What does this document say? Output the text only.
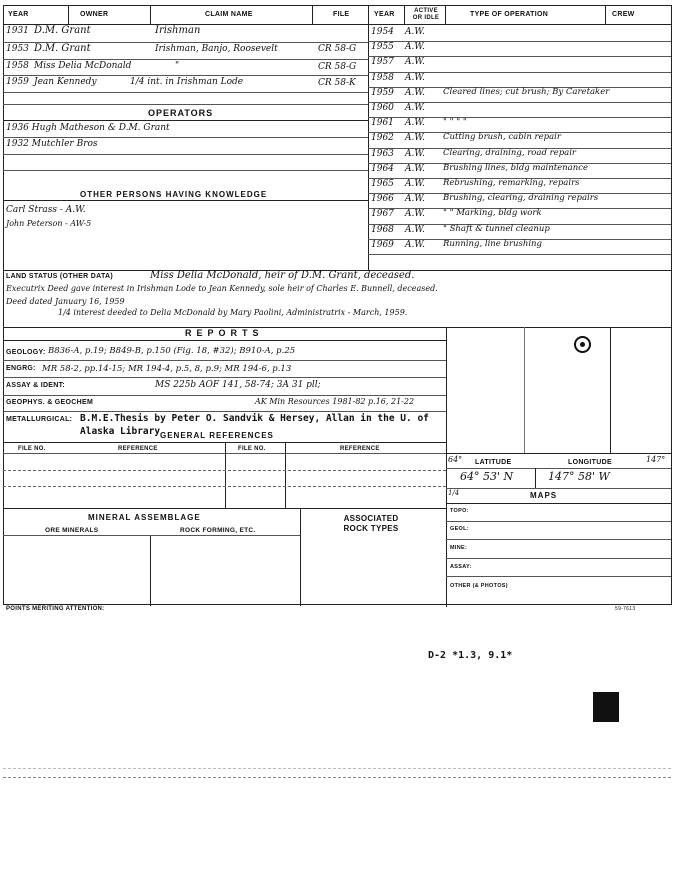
YEAR	OWNER	CLAIM NAME	FILE	YEAR	ACTIVE OR IDLE	TYPE OF OPERATION	CREW
1931 D.M. Grant	Irishman
1953 D.M. Grant	Irishman, Banjo, Roosevelt	CR 58-G
1958 Miss Delia McDonald	"	CR 58-G
1959 Jean Kennedy	1/4 int. in Irishman Lode	CR 58-K
OPERATORS
1936 Hugh Matheson & D.M. Grant
1932 Mutchler Bros
OTHER PERSONS HAVING KNOWLEDGE
Carl Strass - A.W.
John Peterson - AW-5
1954 A.W.
1955 A.W.
1957 A.W.
1958 A.W.
1959 A.W. Cleared lines; cut brush; By Caretaker
1960 A.W.
1961 A.W. " " " "
1962 A.W. Cutting brush, cabin repair
1963 A.W. Clearing, draining, road repair
1964 A.W. Brushing lines, bldg maintenance
1965 A.W. Rebrushing, remarking, repairs
1966 A.W. Brushing, clearing, draining repairs
1967 A.W. " " Marking, bldg work
1968 A.W. " Shaft & tunnel cleanup
1969 A.W. Running, line brushing
LAND STATUS (OTHER DATA)	Miss Delia McDonald, heir of D.M. Grant, deceased.
Executrix Deed gave interest in Irishman Lode to Jean Kennedy, sole heir of Charles E. Bunnell, deceased.
Deed dated January 16, 1959
1/4 interest deeded to Delia McDonald by Mary Paolini, Administratrix - March, 1959.
REPORTS
GEOLOGY: B836-A, p.19; B849-B, p.150 (Fig. 18, #32); B910-A, p.25
ENGRG: MR 58-2, pp.14-15; MR 194-4, p.5, 8, p.9; MR 194-6, p.13
ASSAY & IDENT:	MS 225b AOF 141, 58-74; 3A 31 pll;
GEOPHYS. & GEOCHEM	AK Min Resources 1981-82 p.16, 21-22
METALLURGICAL: B.M.E.Thesis by Peter O. Sandvik & Hersey, Allan in the U. of Alaska Library GENERAL REFERENCES
FILE NO.	REFERENCE	FILE NO.	REFERENCE
MINERAL ASSEMBLAGE
ORE MINERALS	ROCK FORMING, ETC.
ASSOCIATED ROCK TYPES
64° LATITUDE	LONGITUDE	147°
64° 53' N	147° 58' W
1/4	MAPS
TOPO:
GEOL:
MINE:
ASSAY:
OTHER (& PHOTOS)
POINTS MERITING ATTENTION:	59-7613
D-2 *1.3, 9.1*
